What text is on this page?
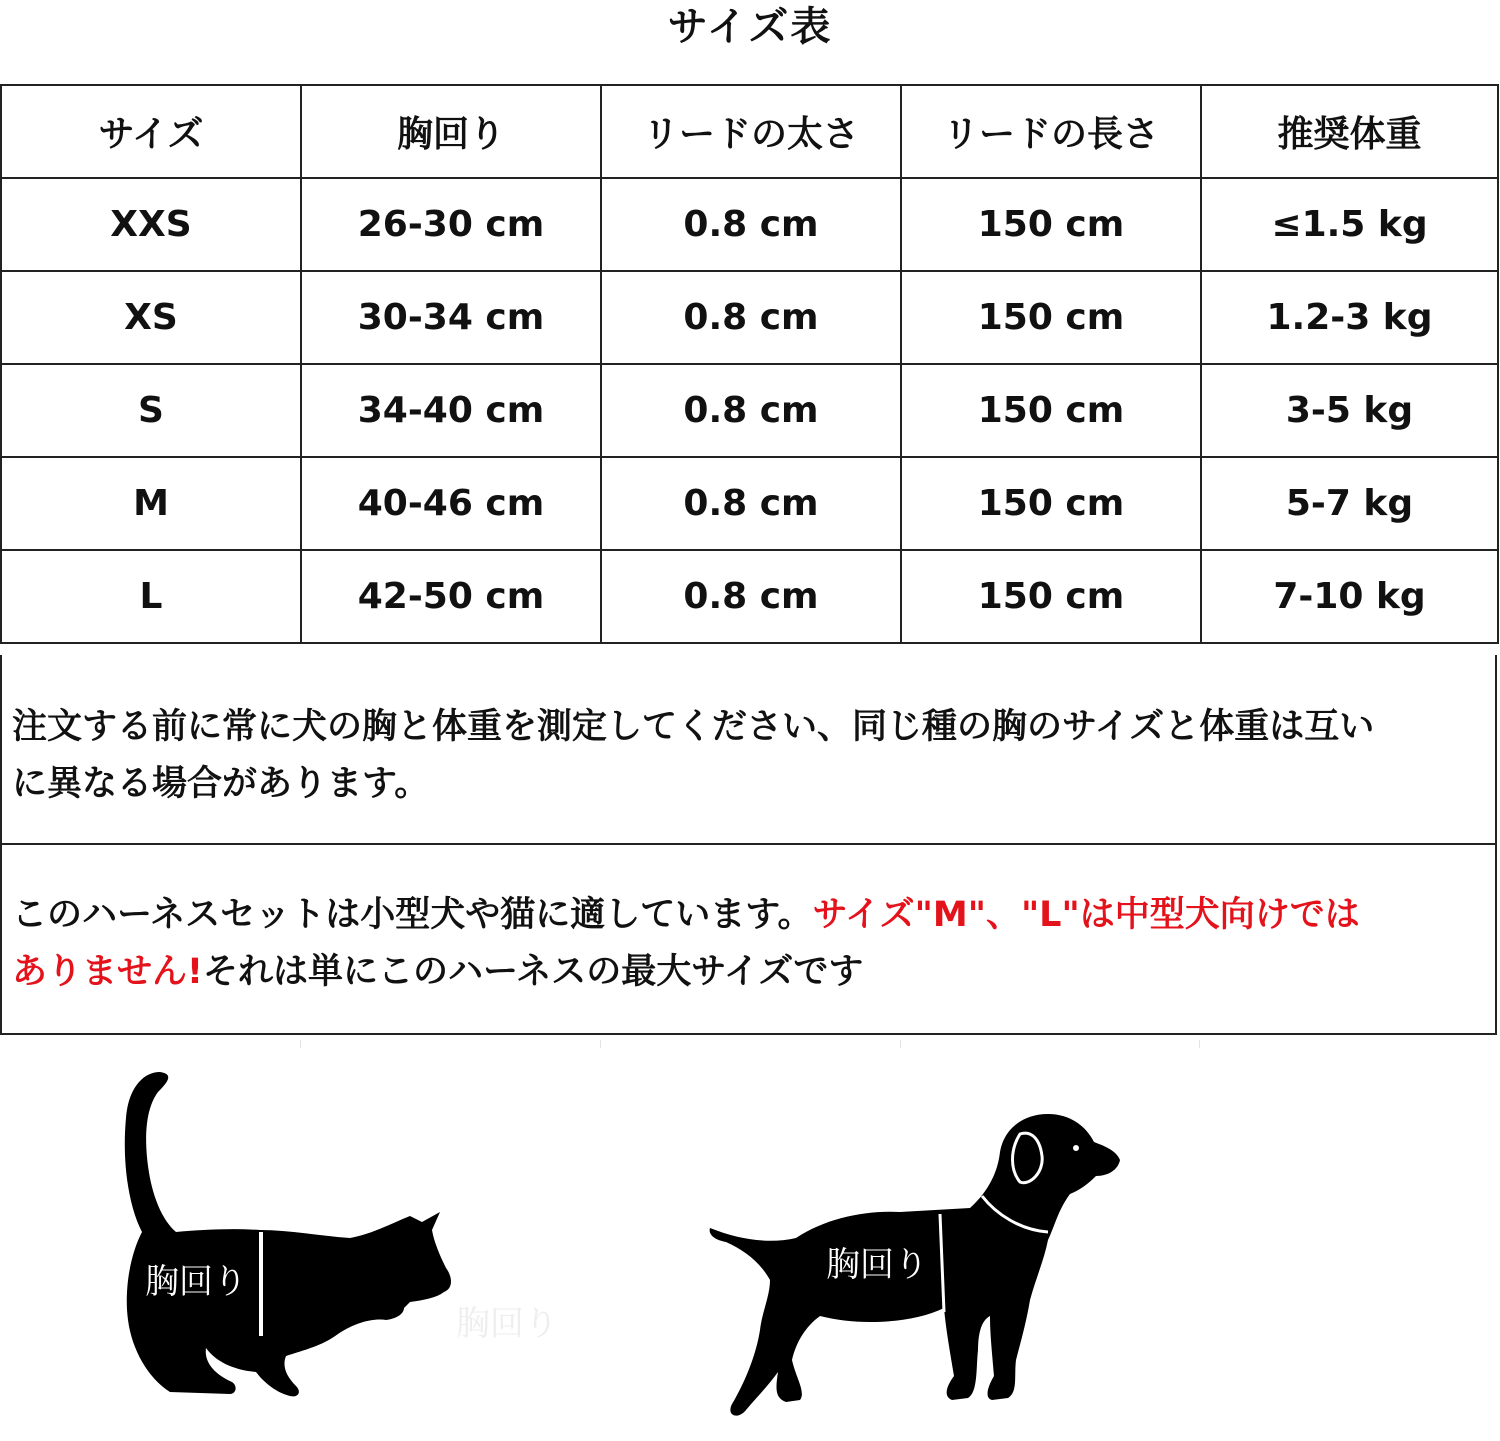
サイズ表
サイズ	胸回り	リードの太さ	リードの長さ	推奨体重
XXS	26-30 cm	0.8 cm	150 cm	≤1.5 kg
XS	30-34 cm	0.8 cm	150 cm	1.2-3 kg
S	34-40 cm	0.8 cm	150 cm	3-5 kg
M	40-46 cm	0.8 cm	150 cm	5-7 kg
L	42-50 cm	0.8 cm	150 cm	7-10 kg
注文する前に常に犬の胸と体重を測定してください、同じ種の胸のサイズと体重は互い
に異なる場合があります。
このハーネスセットは小型犬や猫に適しています。サイズ"M"、"L"は中型犬向けでは
ありません!それは単にこのハーネスの最大サイズです
胸回り
胸回り
胸回り
